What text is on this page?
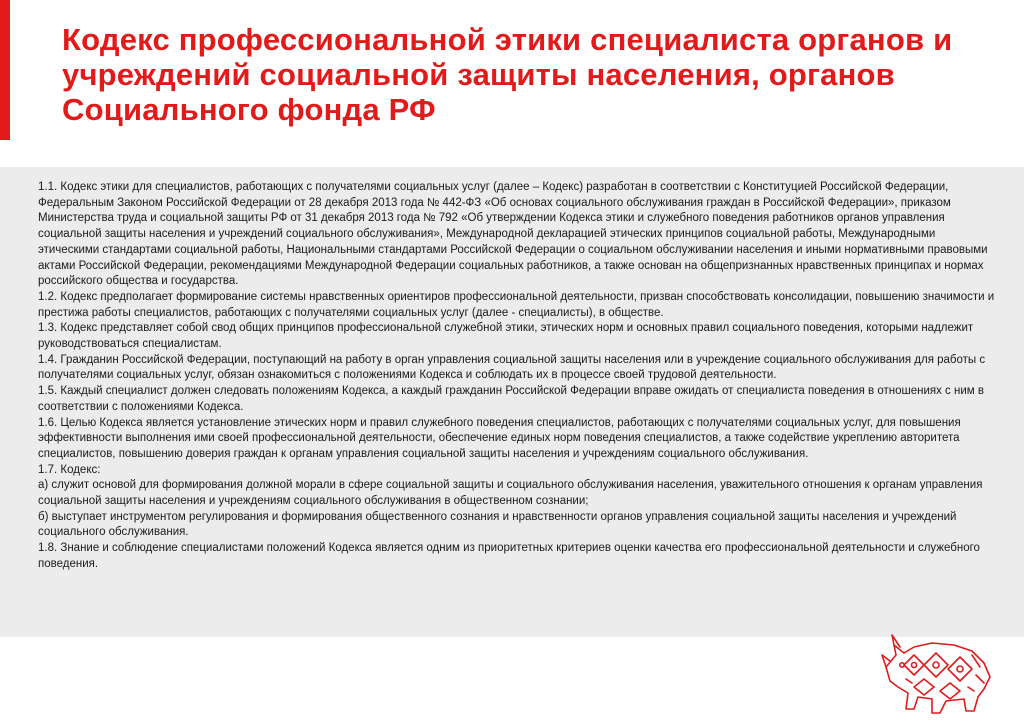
Кодекс профессиональной этики специалиста органов и учреждений социальной защиты населения, органов Социального фонда РФ

1.1. Кодекс этики для специалистов, работающих с получателями социальных услуг (далее – Кодекс) разработан в соответствии с Конституцией Российской Федерации, Федеральным Законом Российской Федерации от 28 декабря 2013 года № 442-ФЗ «Об основах социального обслуживания граждан в Российской Федерации», приказом Министерства труда и социальной защиты РФ от 31 декабря 2013 года № 792 «Об утверждении Кодекса этики и служебного поведения работников органов управления социальной защиты населения и учреждений социального обслуживания», Международной декларацией этических принципов социальной работы, Международными этическими стандартами социальной работы, Национальными стандартами Российской Федерации о социальном обслуживании населения и иными нормативными правовыми актами Российской Федерации, рекомендациями Международной Федерации социальных работников, а также основан на общепризнанных нравственных принципах и нормах российского общества и государства.

1.2. Кодекс предполагает формирование системы нравственных ориентиров профессиональной деятельности, призван способствовать консолидации, повышению значимости и престижа работы специалистов, работающих с получателями социальных услуг (далее - специалисты), в обществе.

1.3. Кодекс представляет собой свод общих принципов профессиональной служебной этики, этических норм и основных правил социального поведения, которыми надлежит руководствоваться специалистам.

1.4. Гражданин Российской Федерации, поступающий на работу в орган управления социальной защиты населения или в учреждение социального обслуживания для работы с получателями социальных услуг, обязан ознакомиться с положениями Кодекса и соблюдать их в процессе своей трудовой деятельности.

1.5. Каждый специалист должен следовать положениям Кодекса, а каждый гражданин Российской Федерации вправе ожидать от специалиста поведения в отношениях с ним в соответствии с положениями Кодекса.

1.6. Целью Кодекса является установление этических норм и правил служебного поведения специалистов, работающих с получателями социальных услуг, для повышения эффективности выполнения ими своей профессиональной деятельности, обеспечение единых норм поведения специалистов, а также содействие укреплению авторитета специалистов, повышению доверия граждан к органам управления социальной защиты населения и учреждениям социального обслуживания.

1.7. Кодекс:

а) служит основой для формирования должной морали в сфере социальной защиты и социального обслуживания населения, уважительного отношения к органам управления социальной защиты населения и учреждениям социального обслуживания в общественном сознании;

б) выступает инструментом регулирования и формирования общественного сознания и нравственности органов управления социальной защиты населения и учреждений социального обслуживания.

1.8. Знание и соблюдение специалистами положений Кодекса является одним из приоритетных критериев оценки качества его профессиональной деятельности и служебного поведения.
